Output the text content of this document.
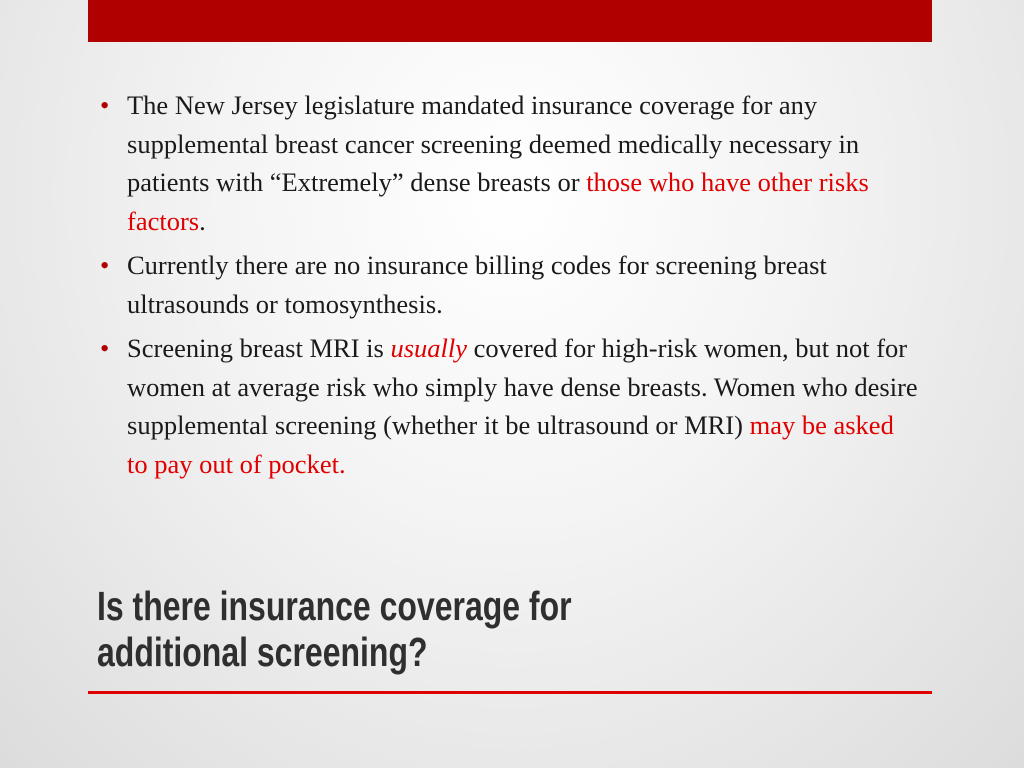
• The New Jersey legislature mandated insurance coverage for any supplemental breast cancer screening deemed medically necessary in patients with “Extremely” dense breasts or those who have other risks factors.
• Currently there are no insurance billing codes for screening breast ultrasounds or tomosynthesis.
• Screening breast MRI is usually covered for high-risk women, but not for women at average risk who simply have dense breasts. Women who desire supplemental screening (whether it be ultrasound or MRI) may be asked to pay out of pocket.
Is there insurance coverage for
additional screening?
